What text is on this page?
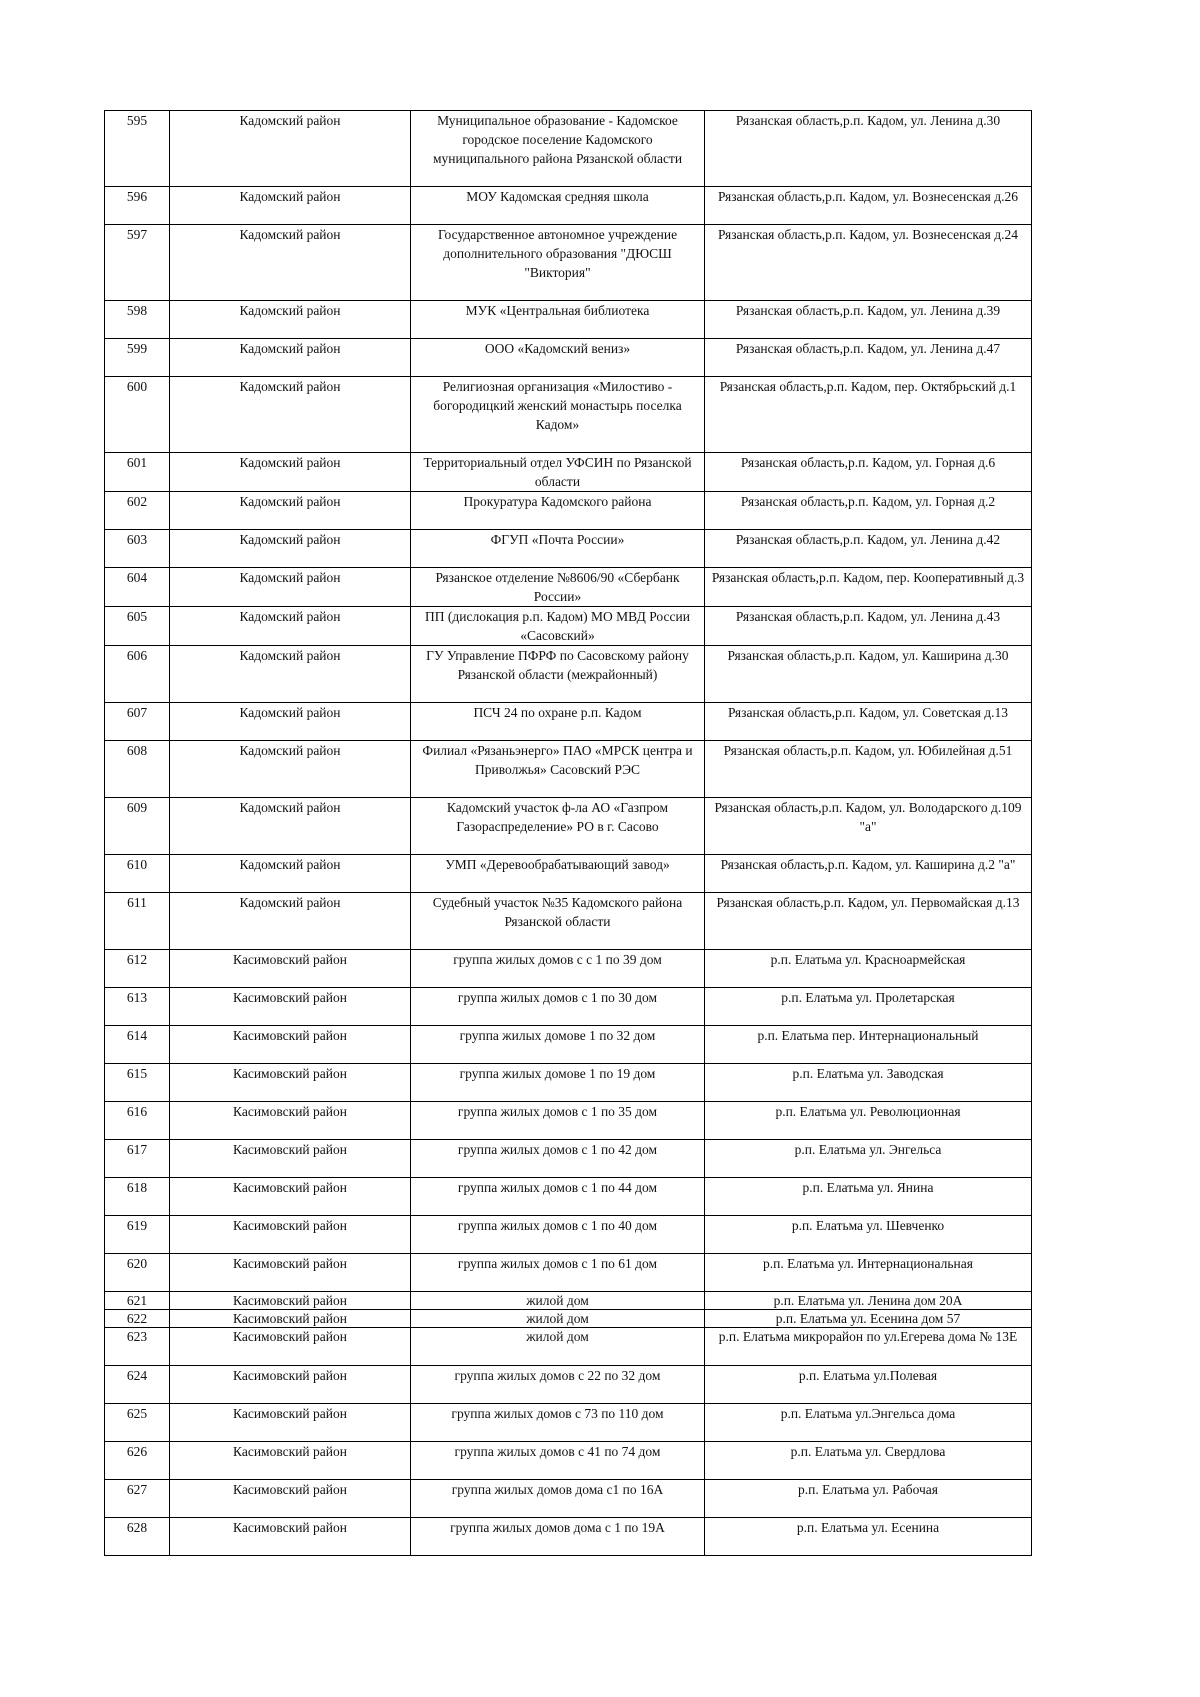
595	Кадомский район	Муниципальное образование - Кадомское городское поселение Кадомского муниципального района Рязанской области	Рязанская область,р.п. Кадом, ул. Ленина д.30
596	Кадомский район	МОУ Кадомская средняя школа	Рязанская область,р.п. Кадом, ул. Вознесенская д.26
597	Кадомский район	Государственное автономное учреждение дополнительного образования "ДЮСШ "Виктория"	Рязанская область,р.п. Кадом, ул. Вознесенская д.24
598	Кадомский район	МУК «Центральная библиотека	Рязанская область,р.п. Кадом, ул. Ленина д.39
599	Кадомский район	ООО «Кадомский вениз»	Рязанская область,р.п. Кадом, ул. Ленина д.47
600	Кадомский район	Религиозная организация «Милостиво - богородицкий женский монастырь поселка Кадом»	Рязанская область,р.п. Кадом, пер. Октябрьский д.1
601	Кадомский район	Территориальный отдел УФСИН по Рязанской области	Рязанская область,р.п. Кадом, ул. Горная д.6
602	Кадомский район	Прокуратура Кадомского района	Рязанская область,р.п. Кадом, ул. Горная д.2
603	Кадомский район	ФГУП «Почта России»	Рязанская область,р.п. Кадом, ул. Ленина д.42
604	Кадомский район	Рязанское отделение №8606/90 «Сбербанк России»	Рязанская область,р.п. Кадом, пер. Кооперативный д.3
605	Кадомский район	ПП (дислокация р.п. Кадом) МО МВД России «Сасовский»	Рязанская область,р.п. Кадом, ул. Ленина д.43
606	Кадомский район	ГУ Управление ПФРФ по Сасовскому району Рязанской области (межрайонный)	Рязанская область,р.п. Кадом, ул. Каширина д.30
607	Кадомский район	ПСЧ 24 по охране р.п. Кадом	Рязанская область,р.п. Кадом, ул. Советская д.13
608	Кадомский район	Филиал «Рязаньэнерго» ПАО «МРСК центра и Приволжья» Сасовский РЭС	Рязанская область,р.п. Кадом, ул. Юбилейная д.51
609	Кадомский район	Кадомский участок ф-ла АО «Газпром Газораспределение» РО в г. Сасово	Рязанская область,р.п. Кадом, ул. Володарского д.109 "а"
610	Кадомский район	УМП «Деревообрабатывающий завод»	Рязанская область,р.п. Кадом, ул. Каширина д.2 "а"
611	Кадомский район	Судебный участок №35 Кадомского района Рязанской области	Рязанская область,р.п. Кадом, ул. Первомайская д.13
612	Касимовский район	группа жилых домов с с 1 по 39 дом	р.п. Елатьма ул. Красноармейская
613	Касимовский район	группа жилых домов с 1 по 30 дом	р.п. Елатьма ул. Пролетарская
614	Касимовский район	группа жилых домове 1 по 32 дом	р.п. Елатьма пер. Интернациональный
615	Касимовский район	группа жилых домове 1 по 19 дом	р.п. Елатьма ул. Заводская
616	Касимовский район	группа жилых домов с 1 по 35 дом	р.п. Елатьма ул. Революционная
617	Касимовский район	группа жилых домов с 1 по 42 дом	р.п. Елатьма ул. Энгельса
618	Касимовский район	группа жилых домов с 1 по 44 дом	р.п. Елатьма ул. Янина
619	Касимовский район	группа жилых домов с 1 по 40 дом	р.п. Елатьма ул. Шевченко
620	Касимовский район	группа жилых домов с 1 по 61 дом	р.п. Елатьма ул. Интернациональная
621	Касимовский район	жилой дом	р.п. Елатьма ул. Ленина дом 20А
622	Касимовский район	жилой дом	р.п. Елатьма ул. Есенина дом 57
623	Касимовский район	жилой дом	р.п. Елатьма микрорайон по ул.Егерева дома № 13Е
624	Касимовский район	группа жилых домов с 22 по 32 дом	р.п. Елатьма ул.Полевая
625	Касимовский район	группа жилых домов с 73 по 110 дом	р.п. Елатьма ул.Энгельса дома
626	Касимовский район	группа жилых домов с 41 по 74 дом	р.п. Елатьма ул. Свердлова
627	Касимовский район	группа жилых домов дома с1 по 16А	р.п. Елатьма ул. Рабочая
628	Касимовский район	группа жилых домов дома с 1 по 19А	р.п. Елатьма ул. Есенина
